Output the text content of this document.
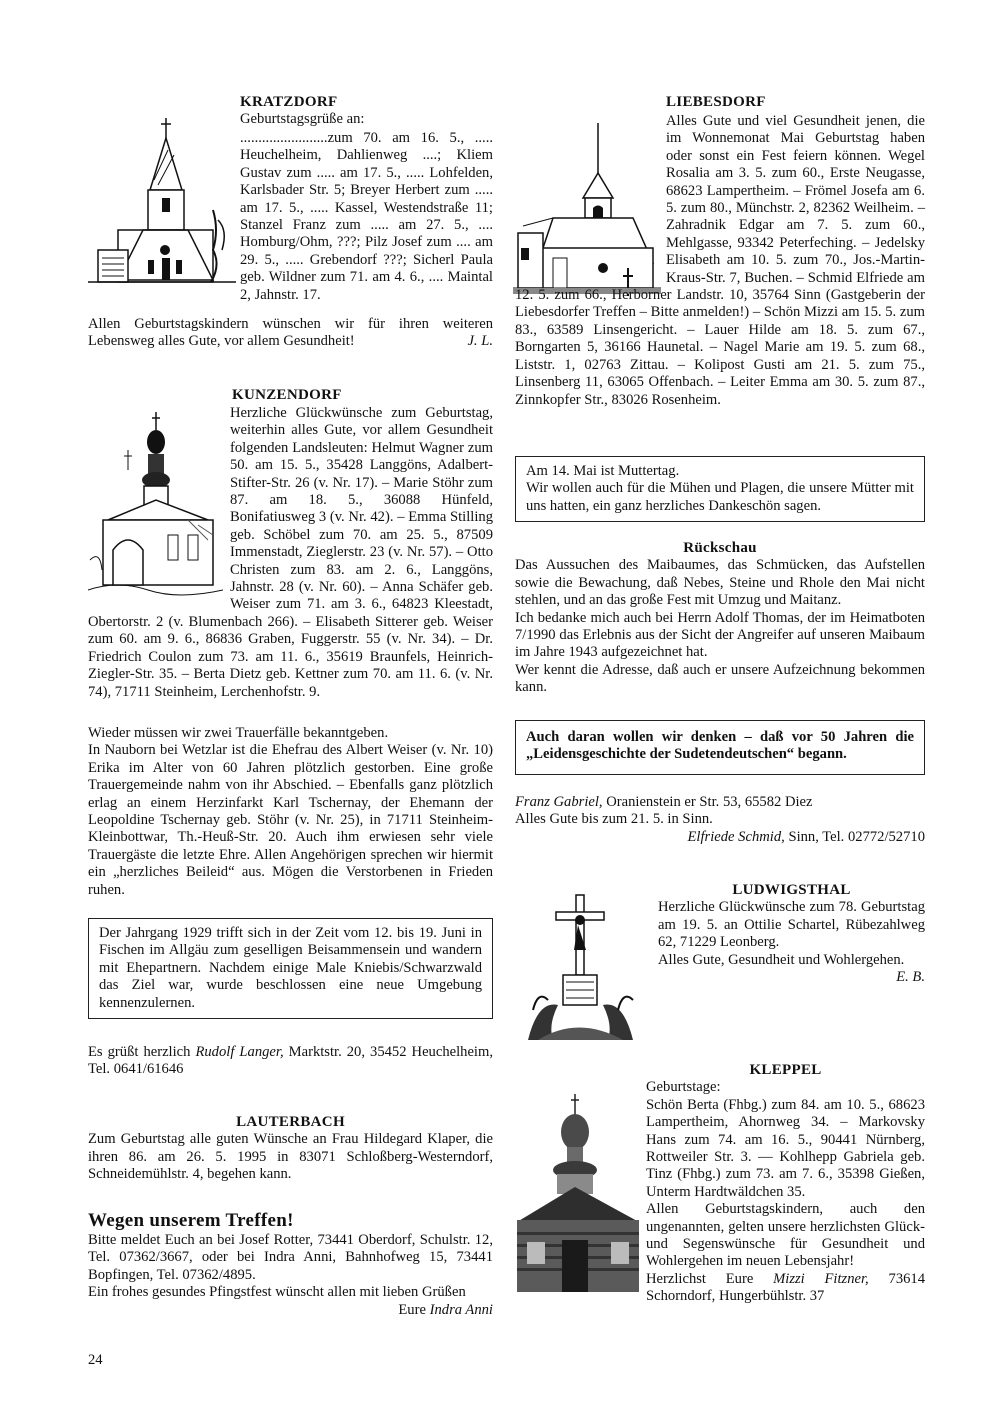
KRATZDORF

Geburtstagsgrüße an:

........................zum 70. am 16. 5., ..... Heuchelheim, Dahlienweg ....; Kliem Gustav zum ..... am 17. 5., ..... Lohfelden, Karlsbader Str. 5; Breyer Herbert zum ..... am 17. 5., ..... Kassel, Westendstraße 11; Stanzel Franz zum ..... am 27. 5., .... Homburg/Ohm, ???; Pilz Josef zum .... am 29. 5., ..... Grebendorf ???; Sicherl Paula geb. Wildner zum 71. am 4. 6., .... Maintal 2, Jahnstr. 17.

Allen Geburtstagskindern wünschen wir für ihren weiteren Lebensweg alles Gute, vor allem Gesundheit!	J. L.

KUNZENDORF

Herzliche Glückwünsche zum Geburtstag, weiterhin alles Gute, vor allem Gesundheit folgenden Landsleuten: Helmut Wagner zum 50. am 15. 5., 35428 Langgöns, Adalbert-Stifter-Str. 26 (v. Nr. 17). – Marie Stöhr zum 87. am 18. 5., 36088 Hünfeld, Bonifatiusweg 3 (v. Nr. 42). – Emma Stilling geb. Schöbel zum 70. am 25. 5., 87509 Immenstadt, Zieglerstr. 23 (v. Nr. 57). – Otto Christen zum 83. am 2. 6., Langgöns, Jahnstr. 28 (v. Nr. 60). – Anna Schäfer geb. Weiser zum 71. am 3. 6., 64823 Kleestadt, Obertorstr. 2 (v. Blumenbach 266). – Elisabeth Sitterer geb. Weiser zum 60. am 9. 6., 86836 Graben, Fuggerstr. 55 (v. Nr. 34). – Dr. Friedrich Coulon zum 73. am 11. 6., 35619 Braunfels, Heinrich-Ziegler-Str. 35. – Berta Dietz geb. Kettner zum 70. am 11. 6. (v. Nr. 74), 71711 Steinheim, Lerchenhofstr. 9.

Wieder müssen wir zwei Trauerfälle bekanntgeben.

In Nauborn bei Wetzlar ist die Ehefrau des Albert Weiser (v. Nr. 10) Erika im Alter von 60 Jahren plötzlich gestorben. Eine große Trauergemeinde nahm von ihr Abschied. – Ebenfalls ganz plötzlich erlag an einem Herzinfarkt Karl Tschernay, der Ehemann der Leopoldine Tschernay geb. Stöhr (v. Nr. 25), in 71711 Steinheim-Kleinbottwar, Th.-Heuß-Str. 20. Auch ihm erwiesen sehr viele Trauergäste die letzte Ehre. Allen Angehörigen sprechen wir hiermit ein „herzliches Beileid“ aus. Mögen die Verstorbenen in Frieden ruhen.

Der Jahrgang 1929 trifft sich in der Zeit vom 12. bis 19. Juni in Fischen im Allgäu zum geselligen Beisammensein und wandern mit Ehepartnern. Nachdem einige Male Kniebis/Schwarzwald das Ziel war, wurde beschlossen eine neue Umgebung kennenzulernen.

Es grüßt herzlich Rudolf Langer, Marktstr. 20, 35452 Heuchelheim, Tel. 0641/61646

LAUTERBACH

Zum Geburtstag alle guten Wünsche an Frau Hildegard Klaper, die ihren 86. am 26. 5. 1995 in 83071 Schloßberg-Westerndorf, Schneidemühlstr. 4, begehen kann.

Wegen unserem Treffen!

Bitte meldet Euch an bei Josef Rotter, 73441 Oberdorf, Schulstr. 12, Tel. 07362/3667, oder bei Indra Anni, Bahnhofweg 15, 73441 Bopfingen, Tel. 07362/4895.

Ein frohes gesundes Pfingstfest wünscht allen mit lieben Grüßen

Eure Indra Anni

24
LIEBESDORF

Alles Gute und viel Gesundheit jenen, die im Wonnemonat Mai Geburtstag haben oder sonst ein Fest feiern können. Wegel Rosalia am 3. 5. zum 60., Erste Neugasse, 68623 Lampertheim. – Frömel Josefa am 6. 5. zum 80., Münchstr. 2, 82362 Weilheim. – Zahradnik Edgar am 7. 5. zum 60., Mehlgasse, 93342 Peterfeching. – Jedelsky Elisabeth am 10. 5. zum 70., Jos.-Martin-Kraus-Str. 7, Buchen. – Schmid Elfriede am 12. 5. zum 66., Herborner Landstr. 10, 35764 Sinn (Gastgeberin der Liebesdorfer Treffen – Bitte anmelden!) – Schön Mizzi am 15. 5. zum 83., 63589 Linsengericht. – Lauer Hilde am 18. 5. zum 67., Borngarten 5, 36166 Haunetal. – Nagel Marie am 19. 5. zum 68., Liststr. 1, 02763 Zittau. – Kolipost Gusti am 21. 5. zum 75., Linsenberg 11, 63065 Offenbach. – Leiter Emma am 30. 5. zum 87., Zinnkopfer Str., 83026 Rosenheim.

Am 14. Mai ist Muttertag.

Wir wollen auch für die Mühen und Plagen, die unsere Mütter mit uns hatten, ein ganz herzliches Dankeschön sagen.

Rückschau

Das Aussuchen des Maibaumes, das Schmücken, das Aufstellen sowie die Bewachung, daß Nebes, Steine und Rhole den Mai nicht stehlen, und an das große Fest mit Umzug und Maitanz.

Ich bedanke mich auch bei Herrn Adolf Thomas, der im Heimatboten 7/1990 das Erlebnis aus der Sicht der Angreifer auf unseren Maibaum im Jahre 1943 aufgezeichnet hat.

Wer kennt die Adresse, daß auch er unsere Aufzeichnung bekommen kann.

Auch daran wollen wir denken – daß vor 50 Jahren die „Leidensgeschichte der Sudetendeutschen“ begann.

Franz Gabriel, Oranienstein er Str. 53, 65582 Diez

Alles Gute bis zum 21. 5. in Sinn.

Elfriede Schmid, Sinn, Tel. 02772/52710

LUDWIGSTHAL

Herzliche Glückwünsche zum 78. Geburtstag am 19. 5. an Ottilie Schartel, Rübezahlweg 62, 71229 Leonberg.

Alles Gute, Gesundheit und Wohlergehen.

E. B.

KLEPPEL

Geburtstage:

Schön Berta (Fhbg.) zum 84. am 10. 5., 68623 Lampertheim, Ahornweg 34. – Markovsky Hans zum 74. am 16. 5., 90441 Nürnberg, Rottweiler Str. 3. — Kohlhepp Gabriela geb. Tinz (Fhbg.) zum 73. am 7. 6., 35398 Gießen, Unterm Hardtwäldchen 35.

Allen Geburtstagskindern, auch den ungenannten, gelten unsere herzlichsten Glück- und Segenswünsche für Gesundheit und Wohlergehen im neuen Lebensjahr!

Herzlichst Eure Mizzi Fitzner, 73614 Schorndorf, Hungerbühlstr. 37
